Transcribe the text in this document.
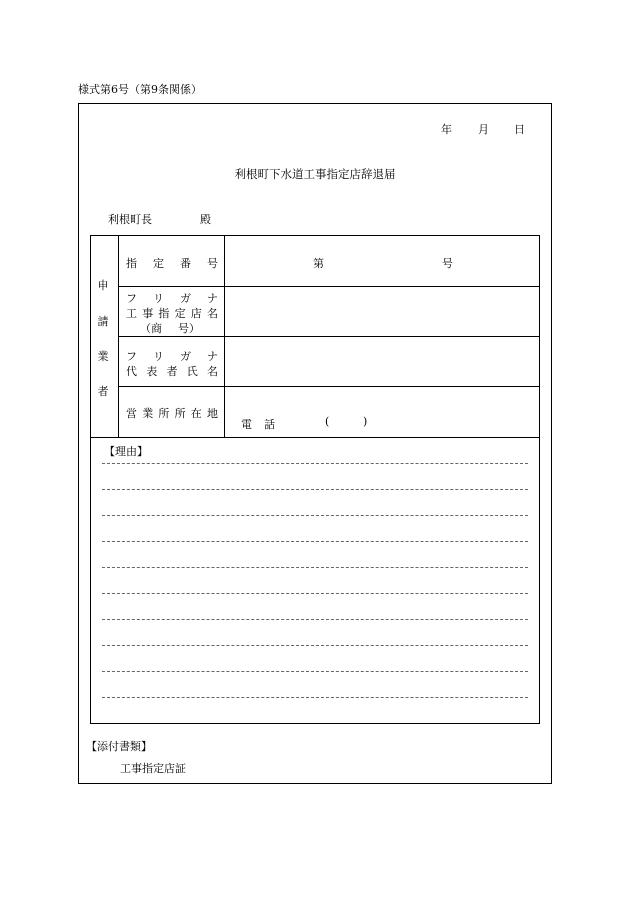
様式第6号（第9条関係）
年 月 日
利根町下水道工事指定店辞退届
利根町長	殿
申
請
業
者
指 定 番 号	第	号
フ リ ガ ナ
工 事 指 定 店 名
（商 号）
フ リ ガ ナ
代 表 者 氏 名
営 業 所 所 在 地
電 話	(	)
【理由】
【添付書類】
工事指定店証
